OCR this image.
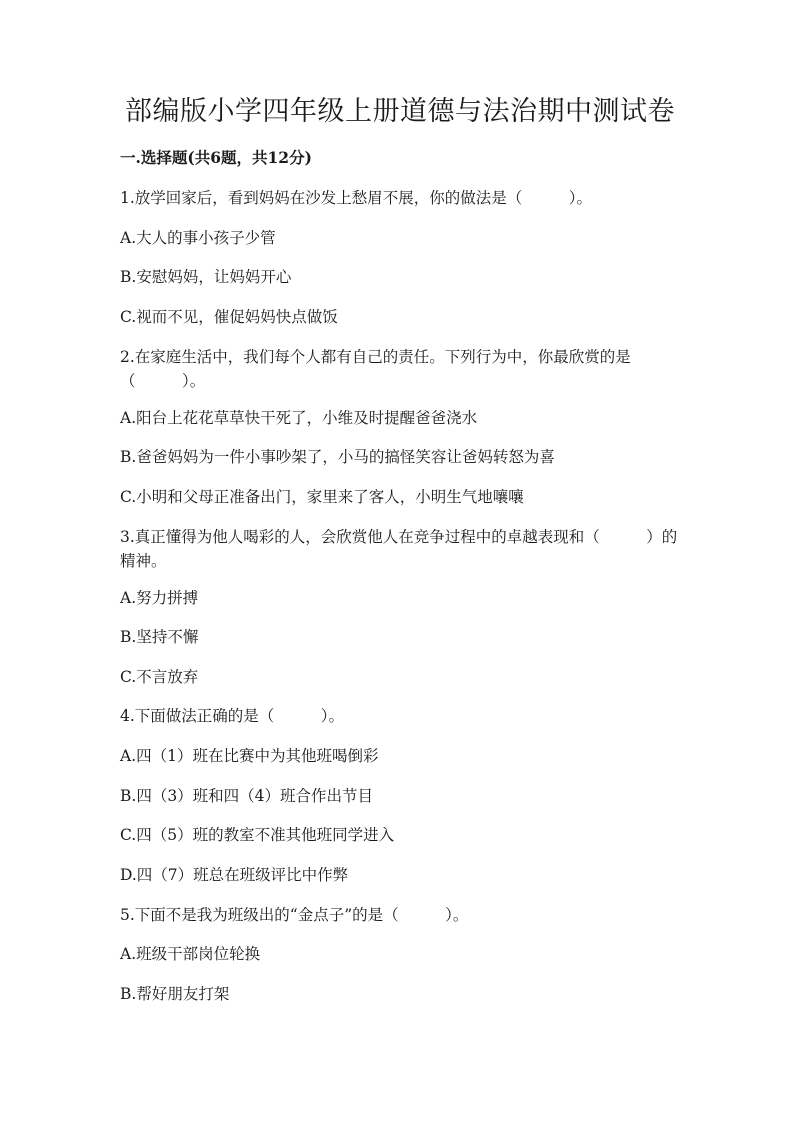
部编版小学四年级上册道德与法治期中测试卷
一.选择题(共6题，共12分)
1.放学回家后，看到妈妈在沙发上愁眉不展，你的做法是（　　　）。
A.大人的事小孩子少管
B.安慰妈妈，让妈妈开心
C.视而不见，催促妈妈快点做饭
2.在家庭生活中，我们每个人都有自己的责任。下列行为中，你最欣赏的是（　　　）。
A.阳台上花花草草快干死了，小维及时提醒爸爸浇水
B.爸爸妈妈为一件小事吵架了，小马的搞怪笑容让爸妈转怒为喜
C.小明和父母正准备出门，家里来了客人，小明生气地嚷嚷
3.真正懂得为他人喝彩的人，会欣赏他人在竞争过程中的卓越表现和（　　　）的精神。
A.努力拼搏
B.坚持不懈
C.不言放弃
4.下面做法正确的是（　　　）。
A.四（1）班在比赛中为其他班喝倒彩
B.四（3）班和四（4）班合作出节目
C.四（5）班的教室不准其他班同学进入
D.四（7）班总在班级评比中作弊
5.下面不是我为班级出的“金点子”的是（　　　）。
A.班级干部岗位轮换
B.帮好朋友打架
